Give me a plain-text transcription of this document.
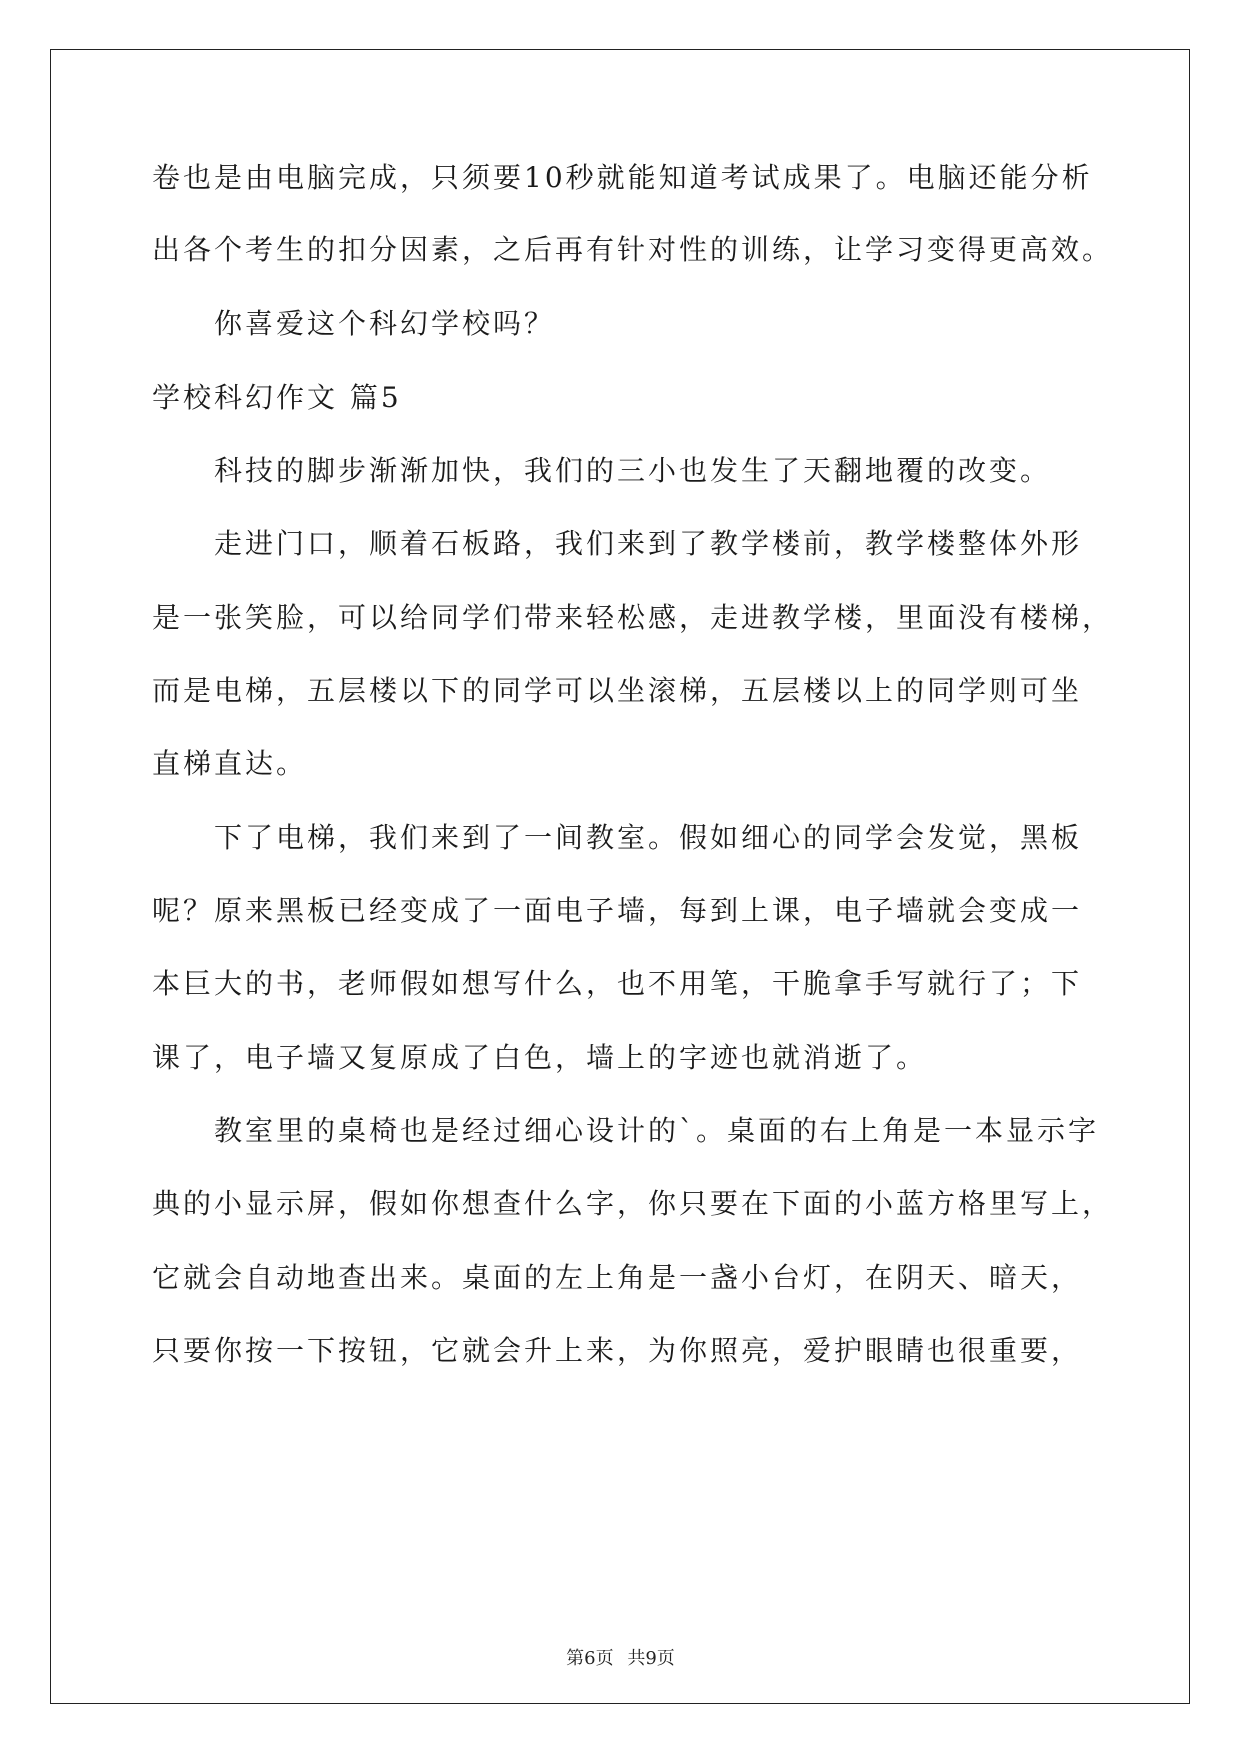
卷也是由电脑完成，只须要10秒就能知道考试成果了。电脑还能分析
出各个考生的扣分因素，之后再有针对性的训练，让学习变得更高效。
你喜爱这个科幻学校吗？
学校科幻作文 篇5
科技的脚步渐渐加快，我们的三小也发生了天翻地覆的改变。
走进门口，顺着石板路，我们来到了教学楼前，教学楼整体外形
是一张笑脸，可以给同学们带来轻松感，走进教学楼，里面没有楼梯，
而是电梯，五层楼以下的同学可以坐滚梯，五层楼以上的同学则可坐
直梯直达。
下了电梯，我们来到了一间教室。假如细心的同学会发觉，黑板
呢？原来黑板已经变成了一面电子墙，每到上课，电子墙就会变成一
本巨大的书，老师假如想写什么，也不用笔，干脆拿手写就行了；下
课了，电子墙又复原成了白色，墙上的字迹也就消逝了。
教室里的桌椅也是经过细心设计的`。桌面的右上角是一本显示字
典的小显示屏，假如你想查什么字，你只要在下面的小蓝方格里写上，
它就会自动地查出来。桌面的左上角是一盏小台灯，在阴天、暗天，
只要你按一下按钮，它就会升上来，为你照亮，爱护眼睛也很重要，
第6页 共9页
